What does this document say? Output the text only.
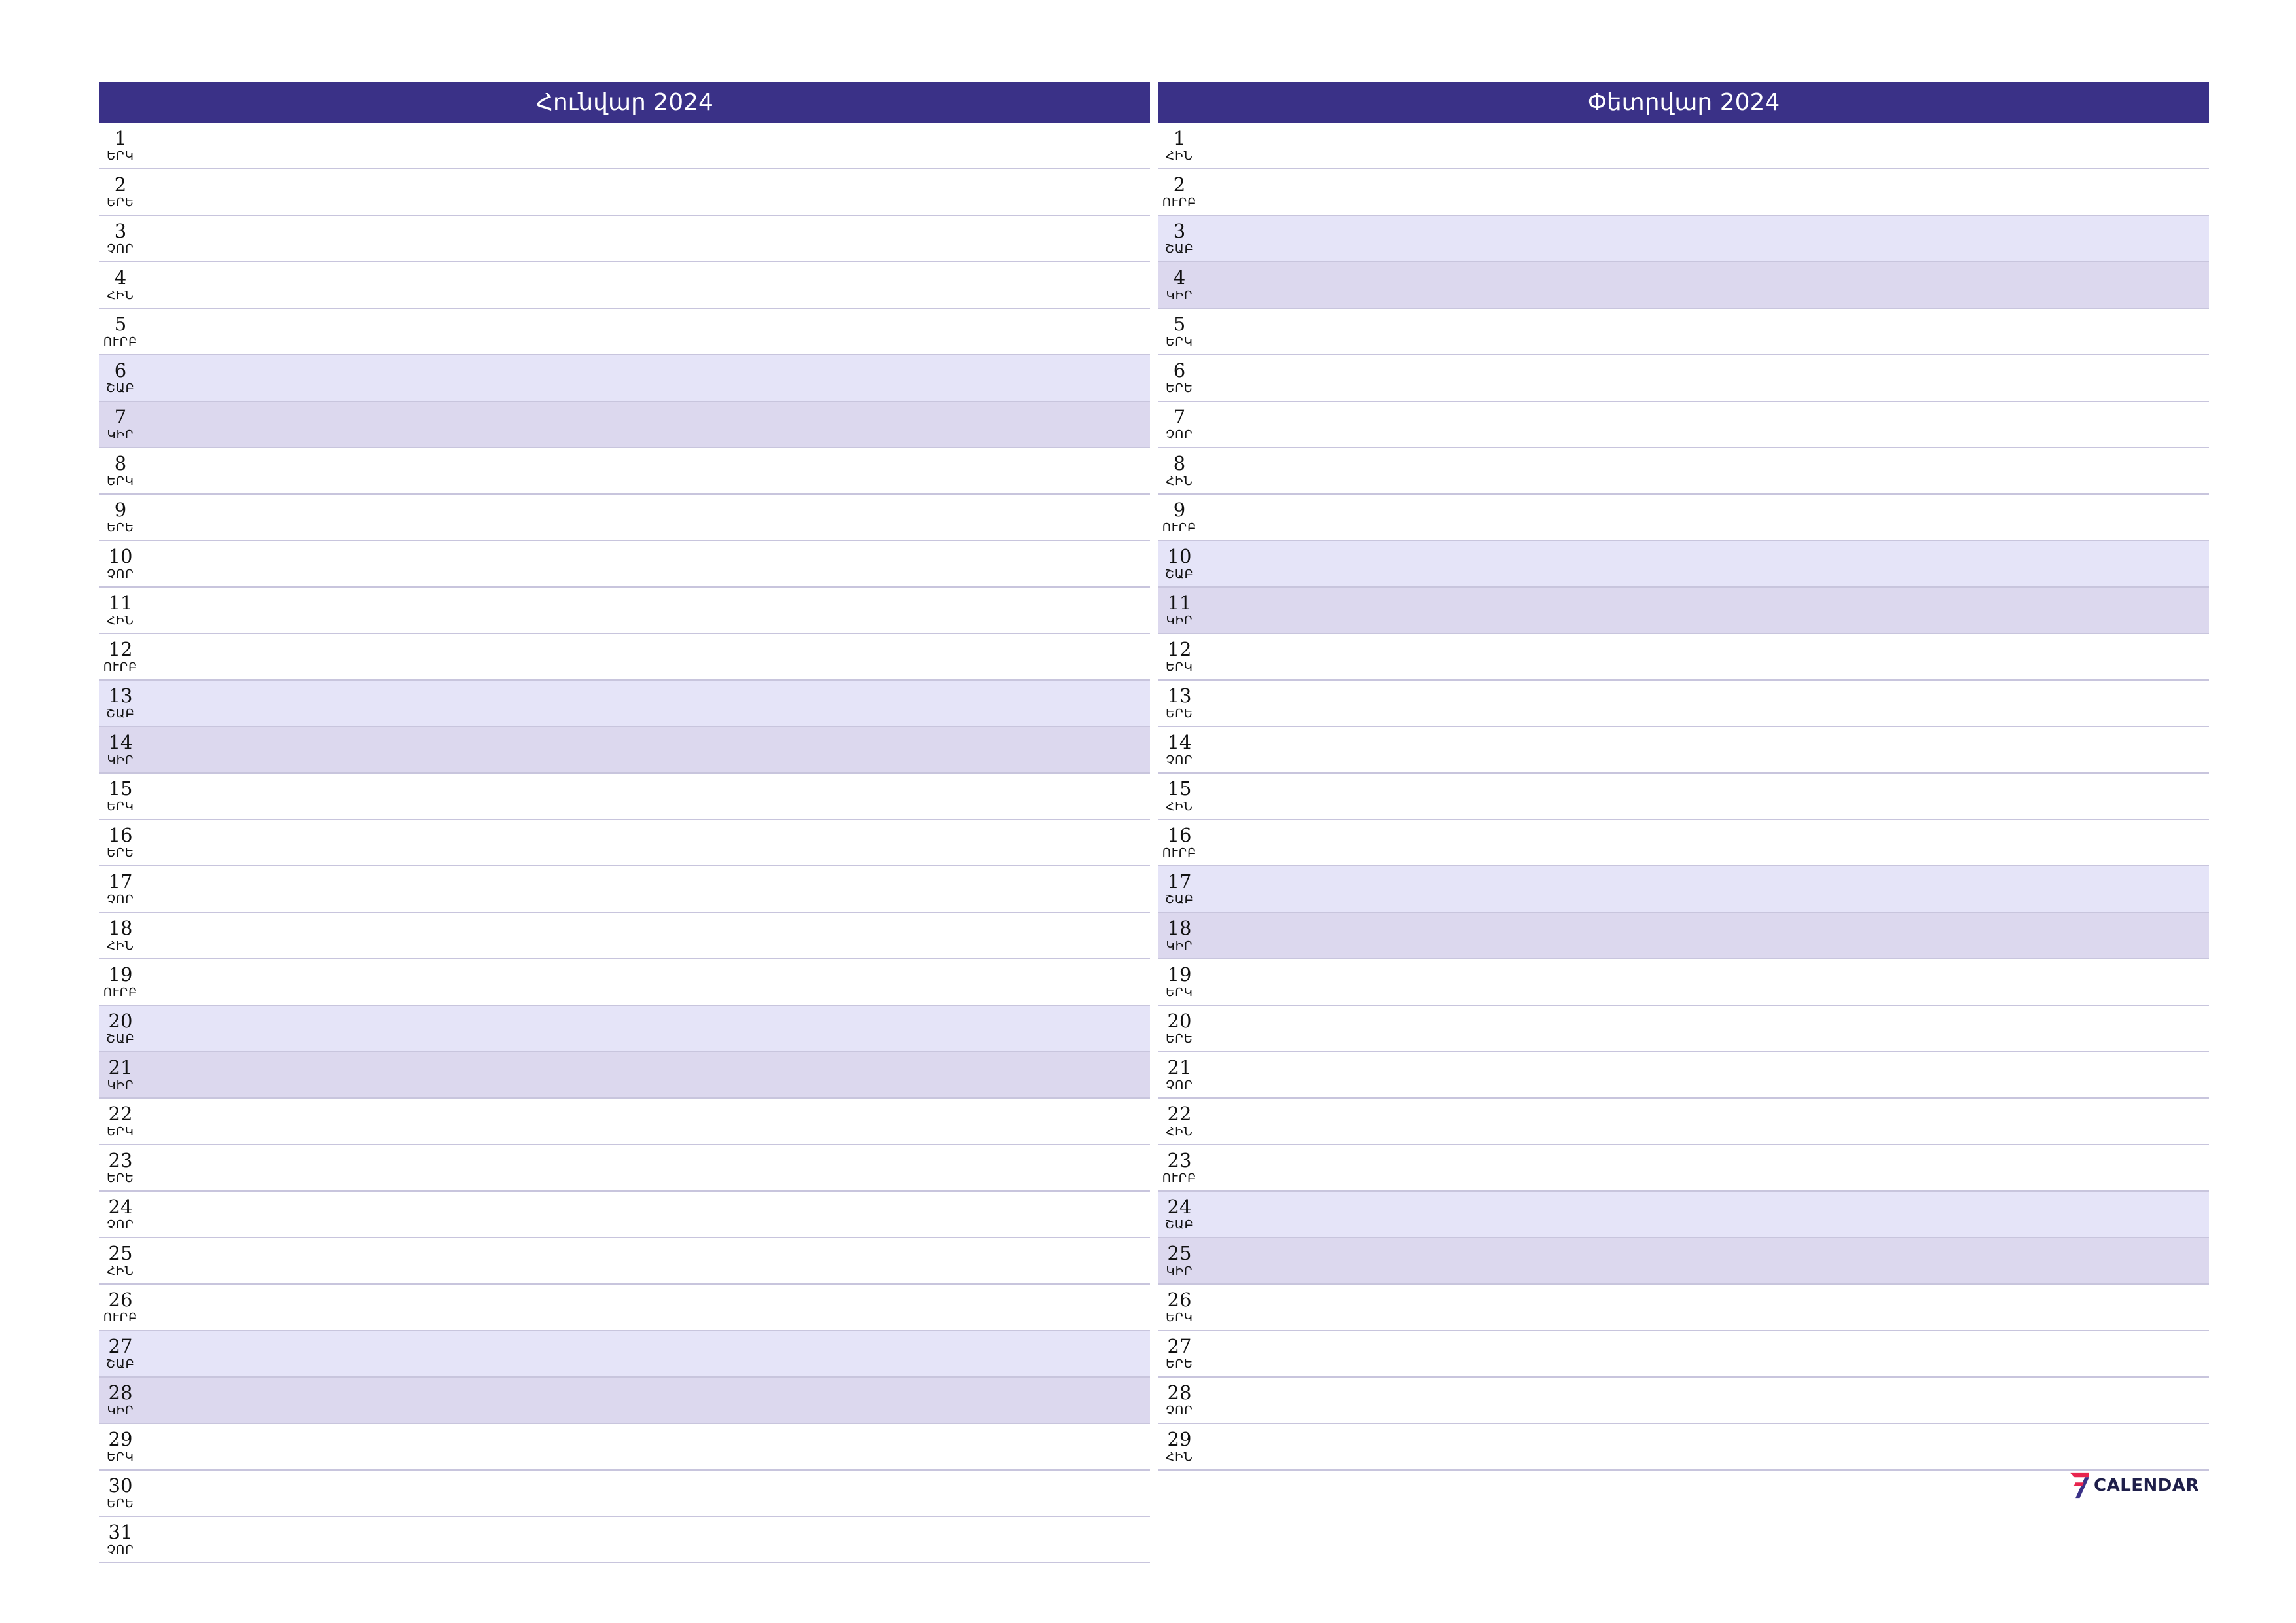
Հունվար 2024
1
ԵՐԿ
2
ԵՐԵ
3
ՉՈՐ
4
ՀԻՆ
5
ՈՒՐԲ
6
ՇԱԲ
7
ԿԻՐ
8
ԵՐԿ
9
ԵՐԵ
10
ՉՈՐ
11
ՀԻՆ
12
ՈՒՐԲ
13
ՇԱԲ
14
ԿԻՐ
15
ԵՐԿ
16
ԵՐԵ
17
ՉՈՐ
18
ՀԻՆ
19
ՈՒՐԲ
20
ՇԱԲ
21
ԿԻՐ
22
ԵՐԿ
23
ԵՐԵ
24
ՉՈՐ
25
ՀԻՆ
26
ՈՒՐԲ
27
ՇԱԲ
28
ԿԻՐ
29
ԵՐԿ
30
ԵՐԵ
31
ՉՈՐ
Փետրվար 2024
1
ՀԻՆ
2
ՈՒՐԲ
3
ՇԱԲ
4
ԿԻՐ
5
ԵՐԿ
6
ԵՐԵ
7
ՉՈՐ
8
ՀԻՆ
9
ՈՒՐԲ
10
ՇԱԲ
11
ԿԻՐ
12
ԵՐԿ
13
ԵՐԵ
14
ՉՈՐ
15
ՀԻՆ
16
ՈՒՐԲ
17
ՇԱԲ
18
ԿԻՐ
19
ԵՐԿ
20
ԵՐԵ
21
ՉՈՐ
22
ՀԻՆ
23
ՈՒՐԲ
24
ՇԱԲ
25
ԿԻՐ
26
ԵՐԿ
27
ԵՐԵ
28
ՉՈՐ
29
ՀԻՆ
CALENDAR
